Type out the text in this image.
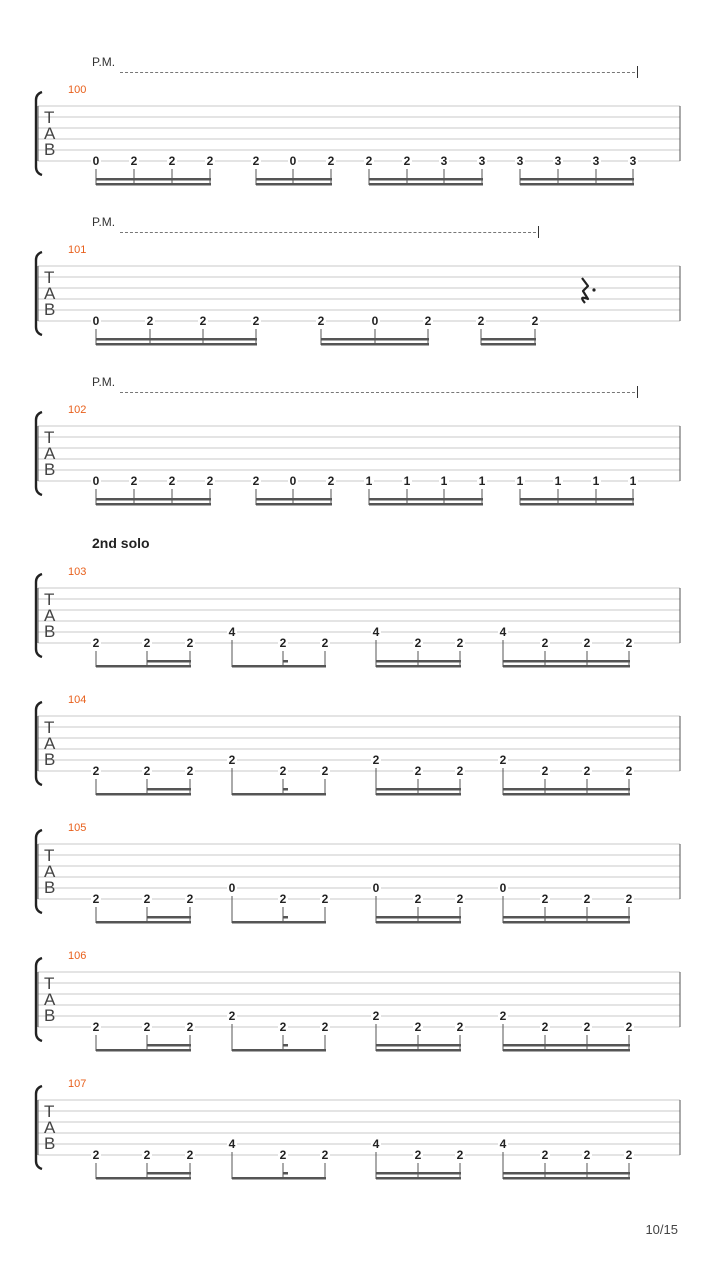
2nd solo
10/15
T
A
B
0	2	2	2	2	0	2	2	2	3	3	3	3	3	3
T
A
B
0	2	2	2	2	0	2	2	2
T
A
B
0	2	2	2	2	0	2	1	1	1	1	1	1	1	1
T
A
B
2	2	2
4
2	2
4
2	2
4
2	2	2
T
A
B
2	2	2
2
2	2
2
2	2
2
2	2	2
T
A
B
2	2	2
0
2	2
0
2	2
0
2	2	2
T
A
B
2	2	2
2
2	2
2
2	2
2
2	2	2
T
A
B
2	2	2
4
2	2
4
2	2
4
2	2	2
P.M.
100
P.M.
101
P.M.
102
103
104
105
106
107
